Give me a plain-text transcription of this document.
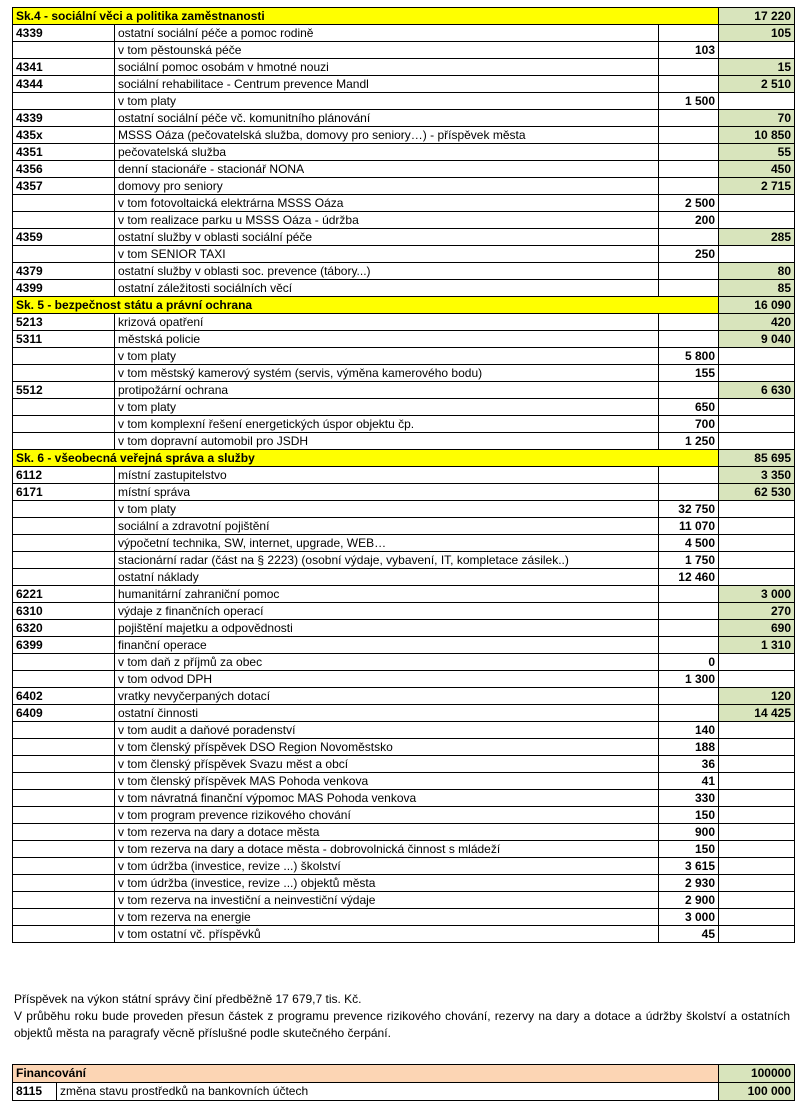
Sk.4 - sociální věci a politika zaměstnanosti			17 220
4339	ostatní sociální péče a pomoc rodině		105
	v tom pěstounská péče	103	
4341	sociální pomoc osobám v hmotné nouzi		15
4344	sociální rehabilitace - Centrum prevence Mandl		2 510
	v tom platy	1 500	
4339	ostatní sociální péče vč. komunitního plánování		70
435x	MSSS Oáza (pečovatelská služba, domovy pro seniory…) - příspěvek města		10 850
4351	pečovatelská služba		55
4356	denní stacionáře - stacionář NONA		450
4357	domovy pro seniory		2 715
	v tom fotovoltaická elektrárna MSSS Oáza	2 500	
	v tom realizace parku u MSSS Oáza - údržba	200	
4359	ostatní služby v oblasti sociální péče		285
	v tom SENIOR TAXI	250	
4379	ostatní služby v oblasti soc. prevence (tábory...)		80
4399	ostatní záležitosti sociálních věcí		85
Sk. 5 - bezpečnost státu a právní ochrana			16 090
5213	krizová opatření		420
5311	městská policie		9 040
	v tom platy	5 800	
	v tom městský kamerový systém (servis, výměna kamerového bodu)	155	
5512	protipožární ochrana		6 630
	v tom platy	650	
	v tom komplexní řešení energetických úspor objektu čp.	700	
	v tom dopravní automobil pro JSDH	1 250	
Sk. 6 - všeobecná veřejná správa a služby			85 695
6112	místní zastupitelstvo		3 350
6171	místní správa		62 530
	v tom platy	32 750	
	sociální a zdravotní pojištění	11 070	
	výpočetní technika, SW, internet, upgrade, WEB…	4 500	
	stacionární radar (část na § 2223) (osobní výdaje, vybavení, IT, kompletace zásilek..)	1 750	
	ostatní náklady	12 460	
6221	humanitární zahraniční pomoc		3 000
6310	výdaje z finančních operací		270
6320	pojištění majetku a odpovědnosti		690
6399	finanční operace		1 310
	v tom daň z příjmů za obec	0	
	v tom odvod DPH	1 300	
6402	vratky nevyčerpaných dotací		120
6409	ostatní činnosti		14 425
	v tom audit a daňové poradenství	140	
	v tom členský příspěvek DSO Region Novoměstsko	188	
	v tom členský příspěvek Svazu měst a obcí	36	
	v tom členský příspěvek MAS Pohoda venkova	41	
	v tom návratná finanční výpomoc MAS Pohoda venkova	330	
	v tom program prevence rizikového chování	150	
	v tom rezerva na dary a dotace města	900	
	v tom rezerva na dary a dotace města - dobrovolnická činnost s mládeží	150	
	v tom údržba (investice, revize ...) školství	3 615	
	v tom údržba (investice, revize ...) objektů města	2 930	
	v tom rezerva na investiční a neinvestiční výdaje	2 900	
	v tom rezerva na energie	3 000	
	v tom ostatní vč. příspěvků	45	

Příspěvek na výkon státní správy činí předběžně 17 679,7 tis. Kč.

V průběhu roku bude proveden přesun částek z programu prevence rizikového chování, rezervy na dary a dotace a údržby školství a ostatních objektů města na paragrafy věcně příslušné podle skutečného čerpání.

Financování		100000
8115	změna stavu prostředků na bankovních účtech	100 000
